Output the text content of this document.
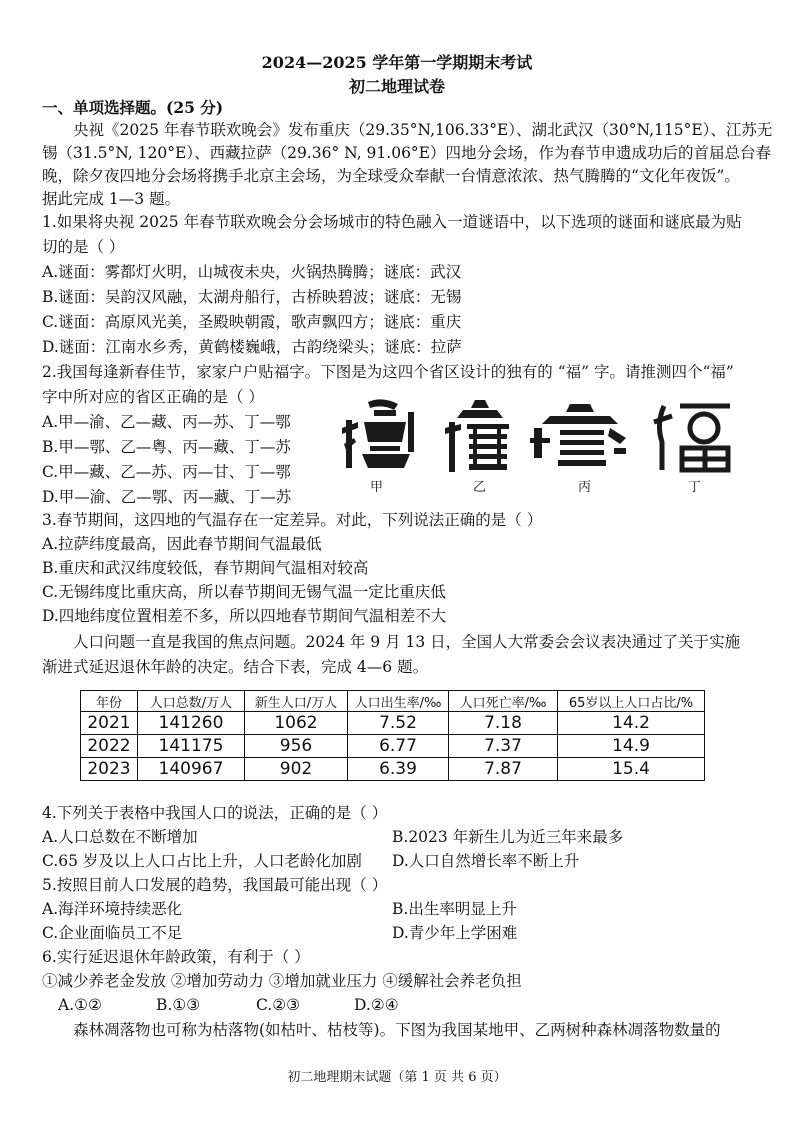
2024—2025 学年第一学期期末考试
初二地理试卷
一、单项选择题。(25 分)
央视《2025 年春节联欢晚会》发布重庆（29.35°N,106.33°E）、湖北武汉（30°N,115°E）、江苏无
锡（31.5°N, 120°E）、西藏拉萨（29.36° N, 91.06°E）四地分会场，作为春节申遗成功后的首届总台春
晚，除夕夜四地分会场将携手北京主会场，为全球受众奉献一台情意浓浓、热气腾腾的“文化年夜饭”。
据此完成 1—3 题。
1.如果将央视 2025 年春节联欢晚会分会场城市的特色融入一道谜语中，以下选项的谜面和谜底最为贴
切的是（ ）
A.谜面：雾都灯火明，山城夜未央，火锅热腾腾；谜底：武汉
B.谜面：吴韵汉风融，太湖舟船行，古桥映碧波；谜底：无锡
C.谜面：高原风光美，圣殿映朝霞，歌声飘四方；谜底：重庆
D.谜面：江南水乡秀，黄鹤楼巍峨，古韵绕梁头；谜底：拉萨
2.我国每逢新春佳节，家家户户贴福字。下图是为这四个省区设计的独有的 “福” 字。请推测四个“福”
字中所对应的省区正确的是（ ）
A.甲—渝、乙—藏、丙—苏、丁—鄂
B.甲—鄂、乙—粤、丙—藏、丁—苏
C.甲—藏、乙—苏、丙—甘、丁—鄂
D.甲—渝、乙—鄂、丙—藏、丁—苏
甲	乙	丙	丁
3.春节期间，这四地的气温存在一定差异。对此，下列说法正确的是（ ）
A.拉萨纬度最高，因此春节期间气温最低
B.重庆和武汉纬度较低，春节期间气温相对较高
C.无锡纬度比重庆高，所以春节期间无锡气温一定比重庆低
D.四地纬度位置相差不多，所以四地春节期间气温相差不大
人口问题一直是我国的焦点问题。2024 年 9 月 13 日，全国人大常委会会议表决通过了关于实施
渐进式延迟退休年龄的决定。结合下表，完成 4—6 题。
年份	人口总数/万人	新生人口/万人	人口出生率/‰	人口死亡率/‰	65岁以上人口占比/%
2021	141260	1062	7.52	7.18	14.2
2022	141175	956	6.77	7.37	14.9
2023	140967	902	6.39	7.87	15.4
4.下列关于表格中我国人口的说法，正确的是（ ）
A.人口总数在不断增加	B.2023 年新生儿为近三年来最多
C.65 岁及以上人口占比上升，人口老龄化加剧 D.人口自然增长率不断上升
5.按照目前人口发展的趋势，我国最可能出现（ ）
A.海洋环境持续恶化	B.出生率明显上升
C.企业面临员工不足	D.青少年上学困难
6.实行延迟退休年龄政策，有利于（ ）
①减少养老金发放 ②增加劳动力 ③增加就业压力 ④缓解社会养老负担
A.①②	B.①③	C.②③	D.②④
森林凋落物也可称为枯落物(如枯叶、枯枝等)。下图为我国某地甲、乙两树种森林凋落物数量的
初二地理期末试题（第 1 页 共 6 页）
